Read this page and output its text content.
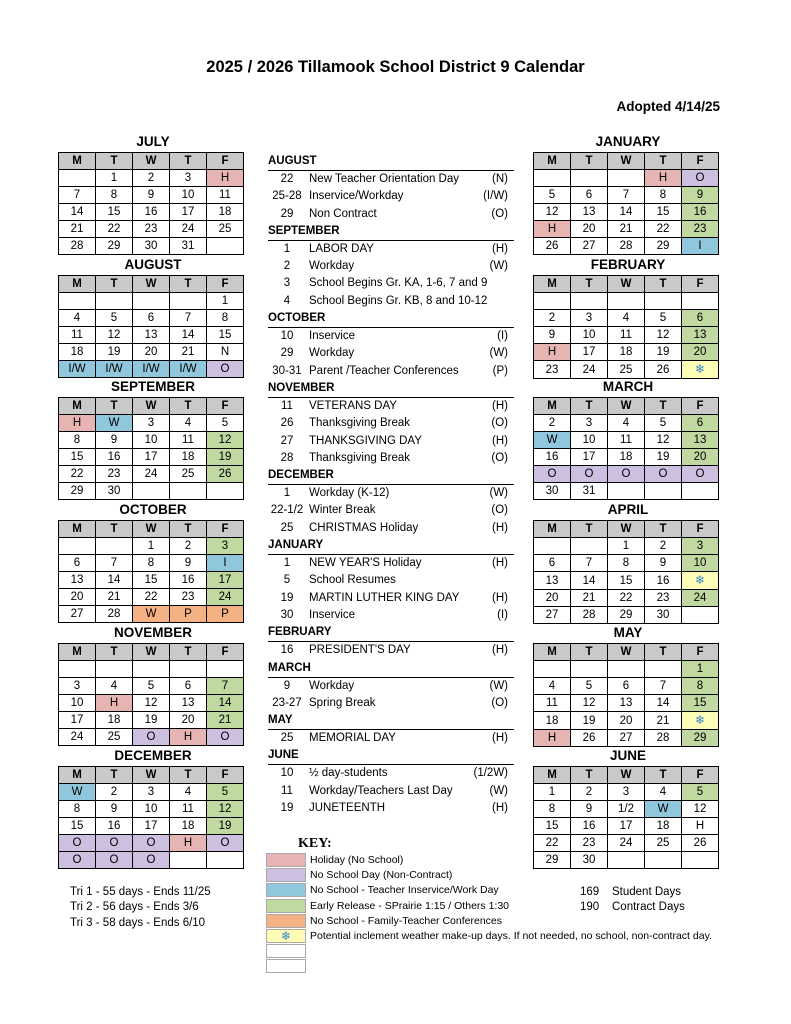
2025 / 2026 Tillamook School District 9 Calendar
Adopted 4/14/25
JULY
M	T	W	T	F
	1	2	3	H
7	8	9	10	11
14	15	16	17	18
21	22	23	24	25
28	29	30	31	
AUGUST
M	T	W	T	F
				1
4	5	6	7	8
11	12	13	14	15
18	19	20	21	N
I/W	I/W	I/W	I/W	O
SEPTEMBER
M	T	W	T	F
H	W	3	4	5
8	9	10	11	12
15	16	17	18	19
22	23	24	25	26
29	30			
OCTOBER
M	T	W	T	F
		1	2	3
6	7	8	9	I
13	14	15	16	17
20	21	22	23	24
27	28	W	P	P
NOVEMBER
M	T	W	T	F

3	4	5	6	7
10	H	12	13	14
17	18	19	20	21
24	25	O	H	O
DECEMBER
M	T	W	T	F
W	2	3	4	5
8	9	10	11	12
15	16	17	18	19
O	O	O	H	O
O	O	O		
JANUARY
M	T	W	T	F
			H	O
5	6	7	8	9
12	13	14	15	16
H	20	21	22	23
26	27	28	29	I
FEBRUARY
M	T	W	T	F

2	3	4	5	6
9	10	11	12	13
H	17	18	19	20
23	24	25	26	❄
MARCH
M	T	W	T	F
2	3	4	5	6
W	10	11	12	13
16	17	18	19	20
O	O	O	O	O
30	31			
APRIL
M	T	W	T	F
		1	2	3
6	7	8	9	10
13	14	15	16	❄
20	21	22	23	24
27	28	29	30	
MAY
M	T	W	T	F
				1
4	5	6	7	8
11	12	13	14	15
18	19	20	21	❄
H	26	27	28	29
JUNE
M	T	W	T	F
1	2	3	4	5
8	9	1/2	W	12
15	16	17	18	H
22	23	24	25	26
29	30			
AUGUST
22	New Teacher Orientation Day	(N)
25-28 Inservice/Workday	(I/W)
29	Non Contract	(O)
SEPTEMBER
1	LABOR DAY	(H)
2	Workday	(W)
3	School Begins Gr. KA, 1-6, 7 and 9
4	School Begins Gr. KB, 8 and 10-12
OCTOBER
10	Inservice	(I)
29	Workday	(W)
30-31 Parent /Teacher Conferences	(P)
NOVEMBER
11	VETERANS DAY	(H)
26	Thanksgiving Break	(O)
27	THANKSGIVING DAY	(H)
28	Thanksgiving Break	(O)
DECEMBER
1	Workday (K-12)	(W)
22-1/2 Winter Break	(O)
25	CHRISTMAS Holiday	(H)
JANUARY
1	NEW YEAR'S Holiday	(H)
5	School Resumes
19	MARTIN LUTHER KING DAY	(H)
30	Inservice	(I)
FEBRUARY
16	PRESIDENT'S DAY	(H)
MARCH
9	Workday	(W)
23-27 Spring Break	(O)
MAY
25	MEMORIAL DAY	(H)
JUNE
10	½ day-students	(1/2W)
11	Workday/Teachers Last Day	(W)
19	JUNETEENTH	(H)
KEY:
Holiday (No School)
No School Day (Non-Contract)
No School - Teacher Inservice/Work Day
Early Release - SPrairie 1:15 / Others 1:30
No School - Family-Teacher Conferences
❄	Potential inclement weather make-up days. If not needed, no school, non-contract day.
Tri 1 - 55 days - Ends 11/25
Tri 2 - 56 days - Ends 3/6
Tri 3 - 58 days - Ends 6/10
169 Student Days
190 Contract Days
